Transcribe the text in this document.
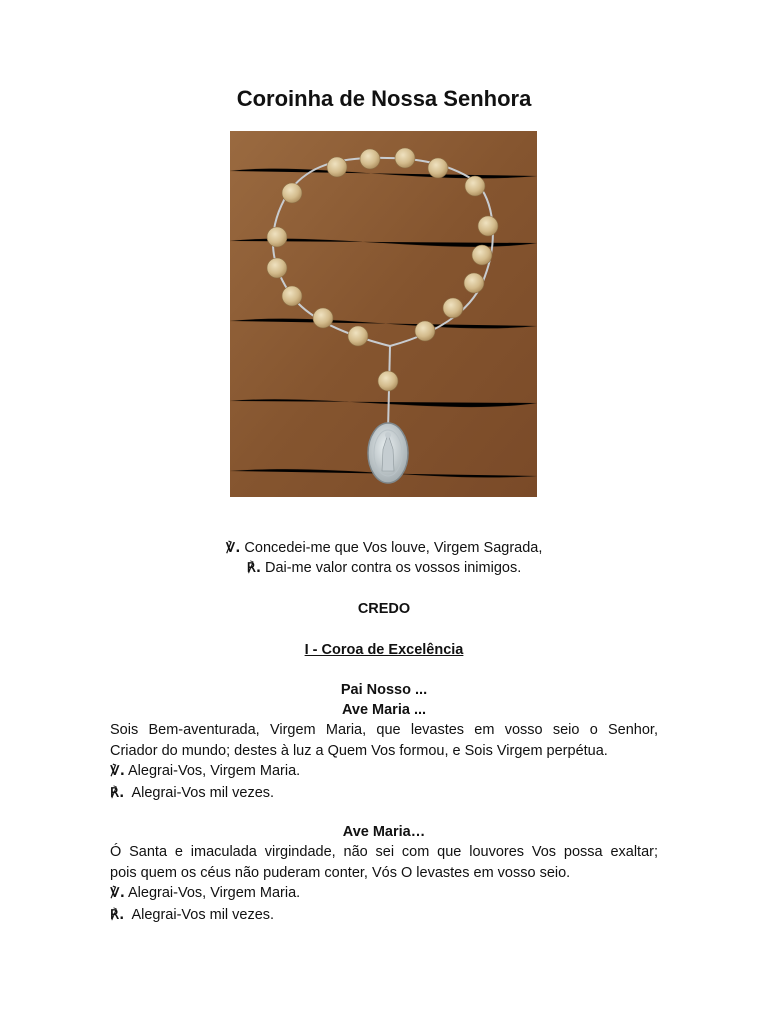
Coroinha de Nossa Senhora

℣. Concedei-me que Vos louve, Virgem Sagrada,

℟. Dai-me valor contra os vossos inimigos.

CREDO

I - Coroa de Excelência

Pai Nosso ...

Ave Maria ...

Sois Bem-aventurada, Virgem Maria, que levastes em vosso seio o Senhor,

Criador do mundo; destes à luz a Quem Vos formou, e Sois Virgem perpétua.

℣. Alegrai-Vos, Virgem Maria.

℟. Alegrai-Vos mil vezes.

Ave Maria…

Ó Santa e imaculada virgindade, não sei com que louvores Vos possa exaltar;

pois quem os céus não puderam conter, Vós O levastes em vosso seio.

℣. Alegrai-Vos, Virgem Maria.

℟. Alegrai-Vos mil vezes.
